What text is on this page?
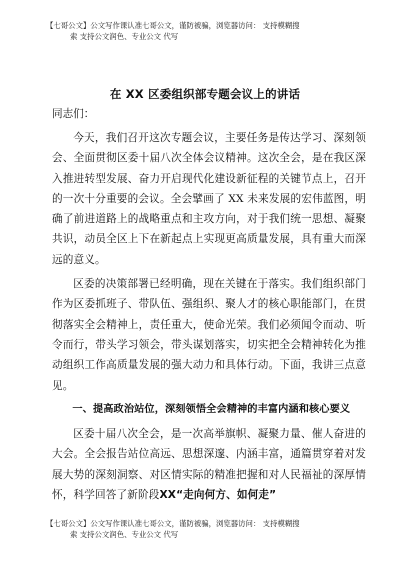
【七哥公文】公文写作课认准七哥公文，谨防被骗，浏览器访问： 支持模糊搜
索 支持公文润色、专业公文 代写
在 XX 区委组织部专题会议上的讲话

同志们：

今天，我们召开这次专题会议，主要任务是传达学习、深刻领会、全面贯彻区委十届八次全体会议精神。这次全会，是在我区深入推进转型发展、奋力开启现代化建设新征程的关键节点上，召开的一次十分重要的会议。全会擘画了 XX 未来发展的宏伟蓝图，明确了前进道路上的战略重点和主攻方向，对于我们统一思想、凝聚共识，动员全区上下在新起点上实现更高质量发展，具有重大而深远的意义。

区委的决策部署已经明确，现在关键在于落实。我们组织部门作为区委抓班子、带队伍、强组织、聚人才的核心职能部门，在贯彻落实全会精神上，责任重大，使命光荣。我们必须闻令而动、听令而行，带头学习领会，带头谋划落实，切实把全会精神转化为推动组织工作高质量发展的强大动力和具体行动。下面，我讲三点意见。

一、提高政治站位，深刻领悟全会精神的丰富内涵和核心要义

区委十届八次全会，是一次高举旗帜、凝聚力量、催人奋进的大会。全会报告站位高远、思想深邃、内涵丰富，通篇贯穿着对发展大势的深刻洞察、对区情实际的精准把握和对人民福祉的深厚情怀，科学回答了新阶段XX“走向何方、如何走”

【七哥公文】公文写作课认准七哥公文，谨防被骗，浏览器访问： 支持模糊搜
索 支持公文润色、专业公文 代写
